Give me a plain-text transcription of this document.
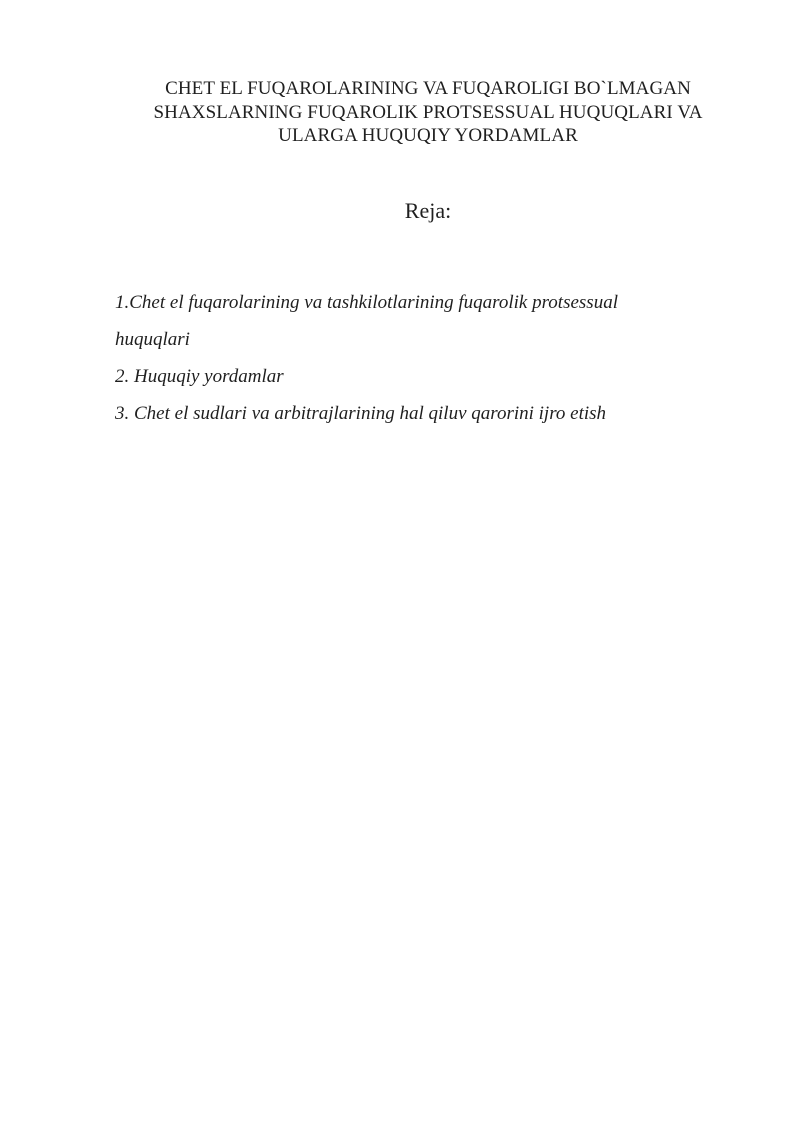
CHET EL FUQAROLARINING VA FUQAROLIGI BO`LMAGAN
SHAXSLARNING FUQAROLIK PROTSESSUAL HUQUQLARI VA
ULARGA HUQUQIY YORDAMLAR
Reja:
1.Chet el fuqarolarining va tashkilotlarining fuqarolik protsessual
huquqlari
2. Huquqiy yordamlar
3. Chet el sudlari va arbitrajlarining hal qiluv qarorini ijro etish
